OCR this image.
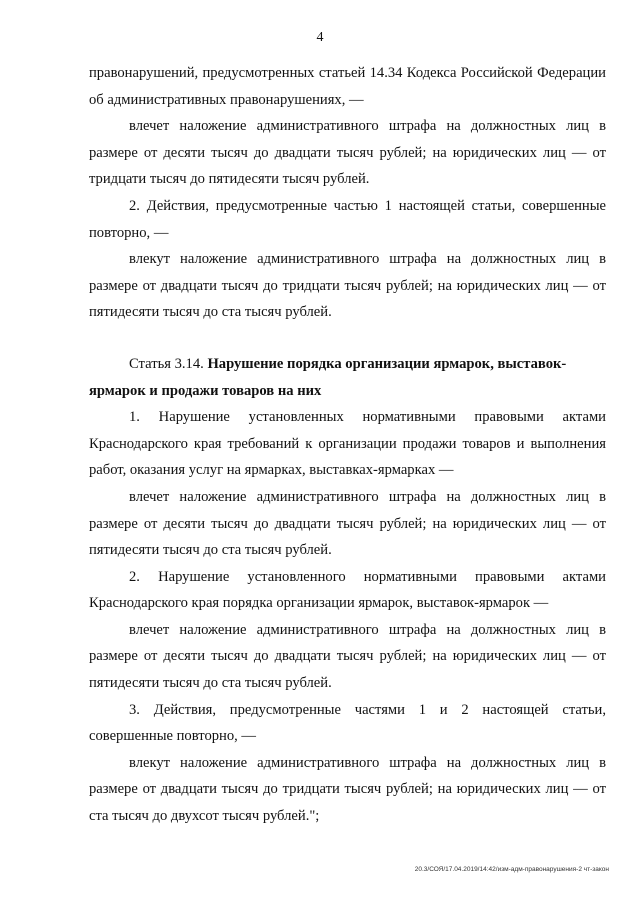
4

правонарушений, предусмотренных статьей 14.34 Кодекса Российской Федерации об административных правонарушениях, —

влечет наложение административного штрафа на должностных лиц в размере от десяти тысяч до двадцати тысяч рублей; на юридических лиц — от тридцати тысяч до пятидесяти тысяч рублей.

2. Действия, предусмотренные частью 1 настоящей статьи, совершенные повторно, —

влекут наложение административного штрафа на должностных лиц в размере от двадцати тысяч до тридцати тысяч рублей; на юридических лиц — от пятидесяти тысяч до ста тысяч рублей.

Статья 3.14. Нарушение порядка организации ярмарок, выставок-ярмарок и продажи товаров на них

1. Нарушение установленных нормативными правовыми актами Краснодарского края требований к организации продажи товаров и выполнения работ, оказания услуг на ярмарках, выставках-ярмарках —

влечет наложение административного штрафа на должностных лиц в размере от десяти тысяч до двадцати тысяч рублей; на юридических лиц — от пятидесяти тысяч до ста тысяч рублей.

2. Нарушение установленного нормативными правовыми актами Краснодарского края порядка организации ярмарок, выставок-ярмарок —

влечет наложение административного штрафа на должностных лиц в размере от десяти тысяч до двадцати тысяч рублей; на юридических лиц — от пятидесяти тысяч до ста тысяч рублей.

3. Действия, предусмотренные частями 1 и 2 настоящей статьи, совершенные повторно, —

влекут наложение административного штрафа на должностных лиц в размере от двадцати тысяч до тридцати тысяч рублей; на юридических лиц — от ста тысяч до двухсот тысяч рублей.";

20.3/СОЯ/17.04.2019/14:42/изм-адм-правонарушения-2 чт-закон
